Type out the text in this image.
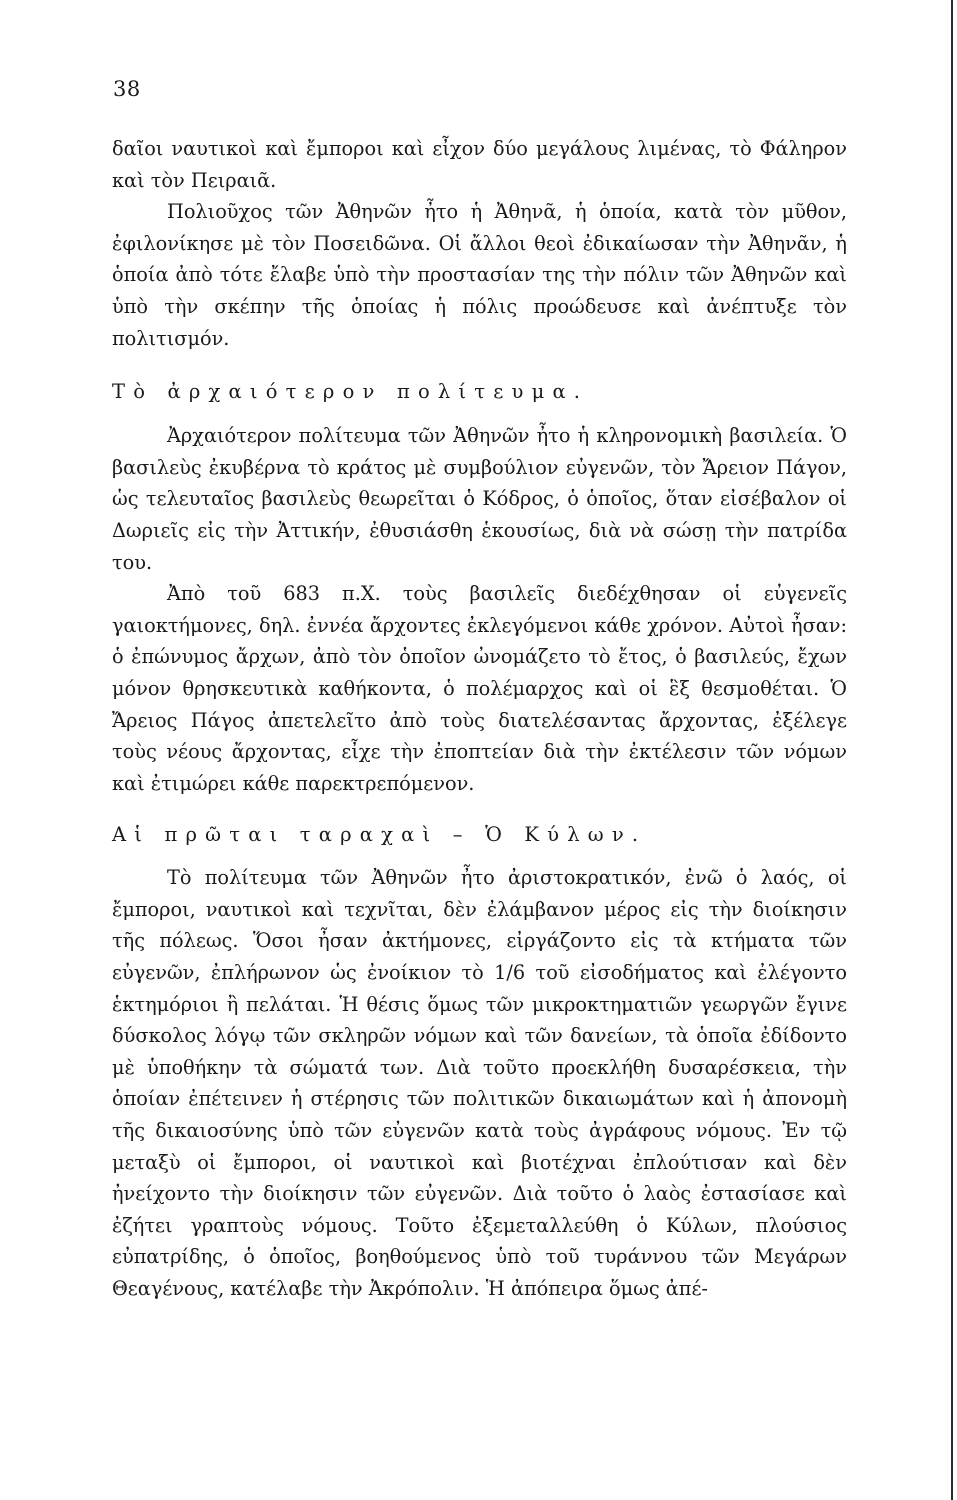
38

δαῖοι ναυτικοὶ καὶ ἔμποροι καὶ εἶχον δύο μεγάλους λιμένας, τὸ Φάληρον καὶ τὸν Πειραιᾶ.

Πολιοῦχος τῶν Ἀθηνῶν ἦτο ἡ Ἀθηνᾶ, ἡ ὁποία, κατὰ τὸν μῦθον, ἐφιλονίκησε μὲ τὸν Ποσειδῶνα. Οἱ ἄλλοι θεοὶ ἐδικαίωσαν τὴν Ἀθηνᾶν, ἡ ὁποία ἀπὸ τότε ἔλαβε ὑπὸ τὴν προστασίαν της τὴν πόλιν τῶν Ἀθηνῶν καὶ ὑπὸ τὴν σκέπην τῆς ὁποίας ἡ πόλις προώδευσε καὶ ἀνέπτυξε τὸν πολιτισμόν.

Τὸ ἀρχαιότερον πολίτευμα.

Ἀρχαιότερον πολίτευμα τῶν Ἀθηνῶν ἦτο ἡ κληρονομικὴ βασιλεία. Ὁ βασιλεὺς ἐκυβέρνα τὸ κράτος μὲ συμβούλιον εὐγενῶν, τὸν Ἄρειον Πάγον, ὡς τελευταῖος βασιλεὺς θεωρεῖται ὁ Κόδρος, ὁ ὁποῖος, ὅταν εἰσέβαλον οἱ Δωριεῖς εἰς τὴν Ἀττικήν, ἐθυσιάσθη ἑκουσίως, διὰ νὰ σώσῃ τὴν πατρίδα του.

Ἀπὸ τοῦ 683 π.Χ. τοὺς βασιλεῖς διεδέχθησαν οἱ εὐγενεῖς γαιοκτήμονες, δηλ. ἐννέα ἄρχοντες ἐκλεγόμενοι κάθε χρόνον. Αὐτοὶ ἦσαν: ὁ ἐπώνυμος ἄρχων, ἀπὸ τὸν ὁποῖον ὠνομάζετο τὸ ἔτος, ὁ βασιλεύς, ἔχων μόνον θρησκευτικὰ καθήκοντα, ὁ πολέμαρχος καὶ οἱ ἓξ θεσμοθέται. Ὁ Ἄρειος Πάγος ἀπετελεῖτο ἀπὸ τοὺς διατελέσαντας ἄρχοντας, ἐξέλεγε τοὺς νέους ἄρχοντας, εἶχε τὴν ἐποπτείαν διὰ τὴν ἐκτέλεσιν τῶν νόμων καὶ ἐτιμώρει κάθε παρεκτρεπόμενον.

Αἱ πρῶται ταραχαὶ – Ὁ Κύλων.

Τὸ πολίτευμα τῶν Ἀθηνῶν ἦτο ἀριστοκρατικόν, ἐνῶ ὁ λαός, οἱ ἔμποροι, ναυτικοὶ καὶ τεχνῖται, δὲν ἐλάμβανον μέρος εἰς τὴν διοίκησιν τῆς πόλεως. Ὅσοι ἦσαν ἀκτήμονες, εἰργάζοντο εἰς τὰ κτήματα τῶν εὐγενῶν, ἐπλήρωνον ὡς ἐνοίκιον τὸ 1/6 τοῦ εἰσοδήματος καὶ ἐλέγοντο ἑκτημόριοι ἢ πελάται. Ἡ θέσις ὅμως τῶν μικροκτηματιῶν γεωργῶν ἔγινε δύσκολος λόγῳ τῶν σκληρῶν νόμων καὶ τῶν δανείων, τὰ ὁποῖα ἐδίδοντο μὲ ὑποθήκην τὰ σώματά των. Διὰ τοῦτο προεκλήθη δυσαρέσκεια, τὴν ὁποίαν ἐπέτεινεν ἡ στέρησις τῶν πολιτικῶν δικαιωμάτων καὶ ἡ ἀπονομὴ τῆς δικαιοσύνης ὑπὸ τῶν εὐγενῶν κατὰ τοὺς ἀγράφους νόμους. Ἐν τῷ μεταξὺ οἱ ἔμποροι, οἱ ναυτικοὶ καὶ βιοτέχναι ἐπλούτισαν καὶ δὲν ἠνείχοντο τὴν διοίκησιν τῶν εὐγενῶν. Διὰ τοῦτο ὁ λαὸς ἐστασίασε καὶ ἐζήτει γραπτοὺς νόμους. Τοῦτο ἐξεμεταλλεύθη ὁ Κύλων, πλούσιος εὐπατρίδης, ὁ ὁποῖος, βοηθούμενος ὑπὸ τοῦ τυράννου τῶν Μεγάρων Θεαγένους, κατέλαβε τὴν Ἀκρόπολιν. Ἡ ἀπόπειρα ὅμως ἀπέ-
